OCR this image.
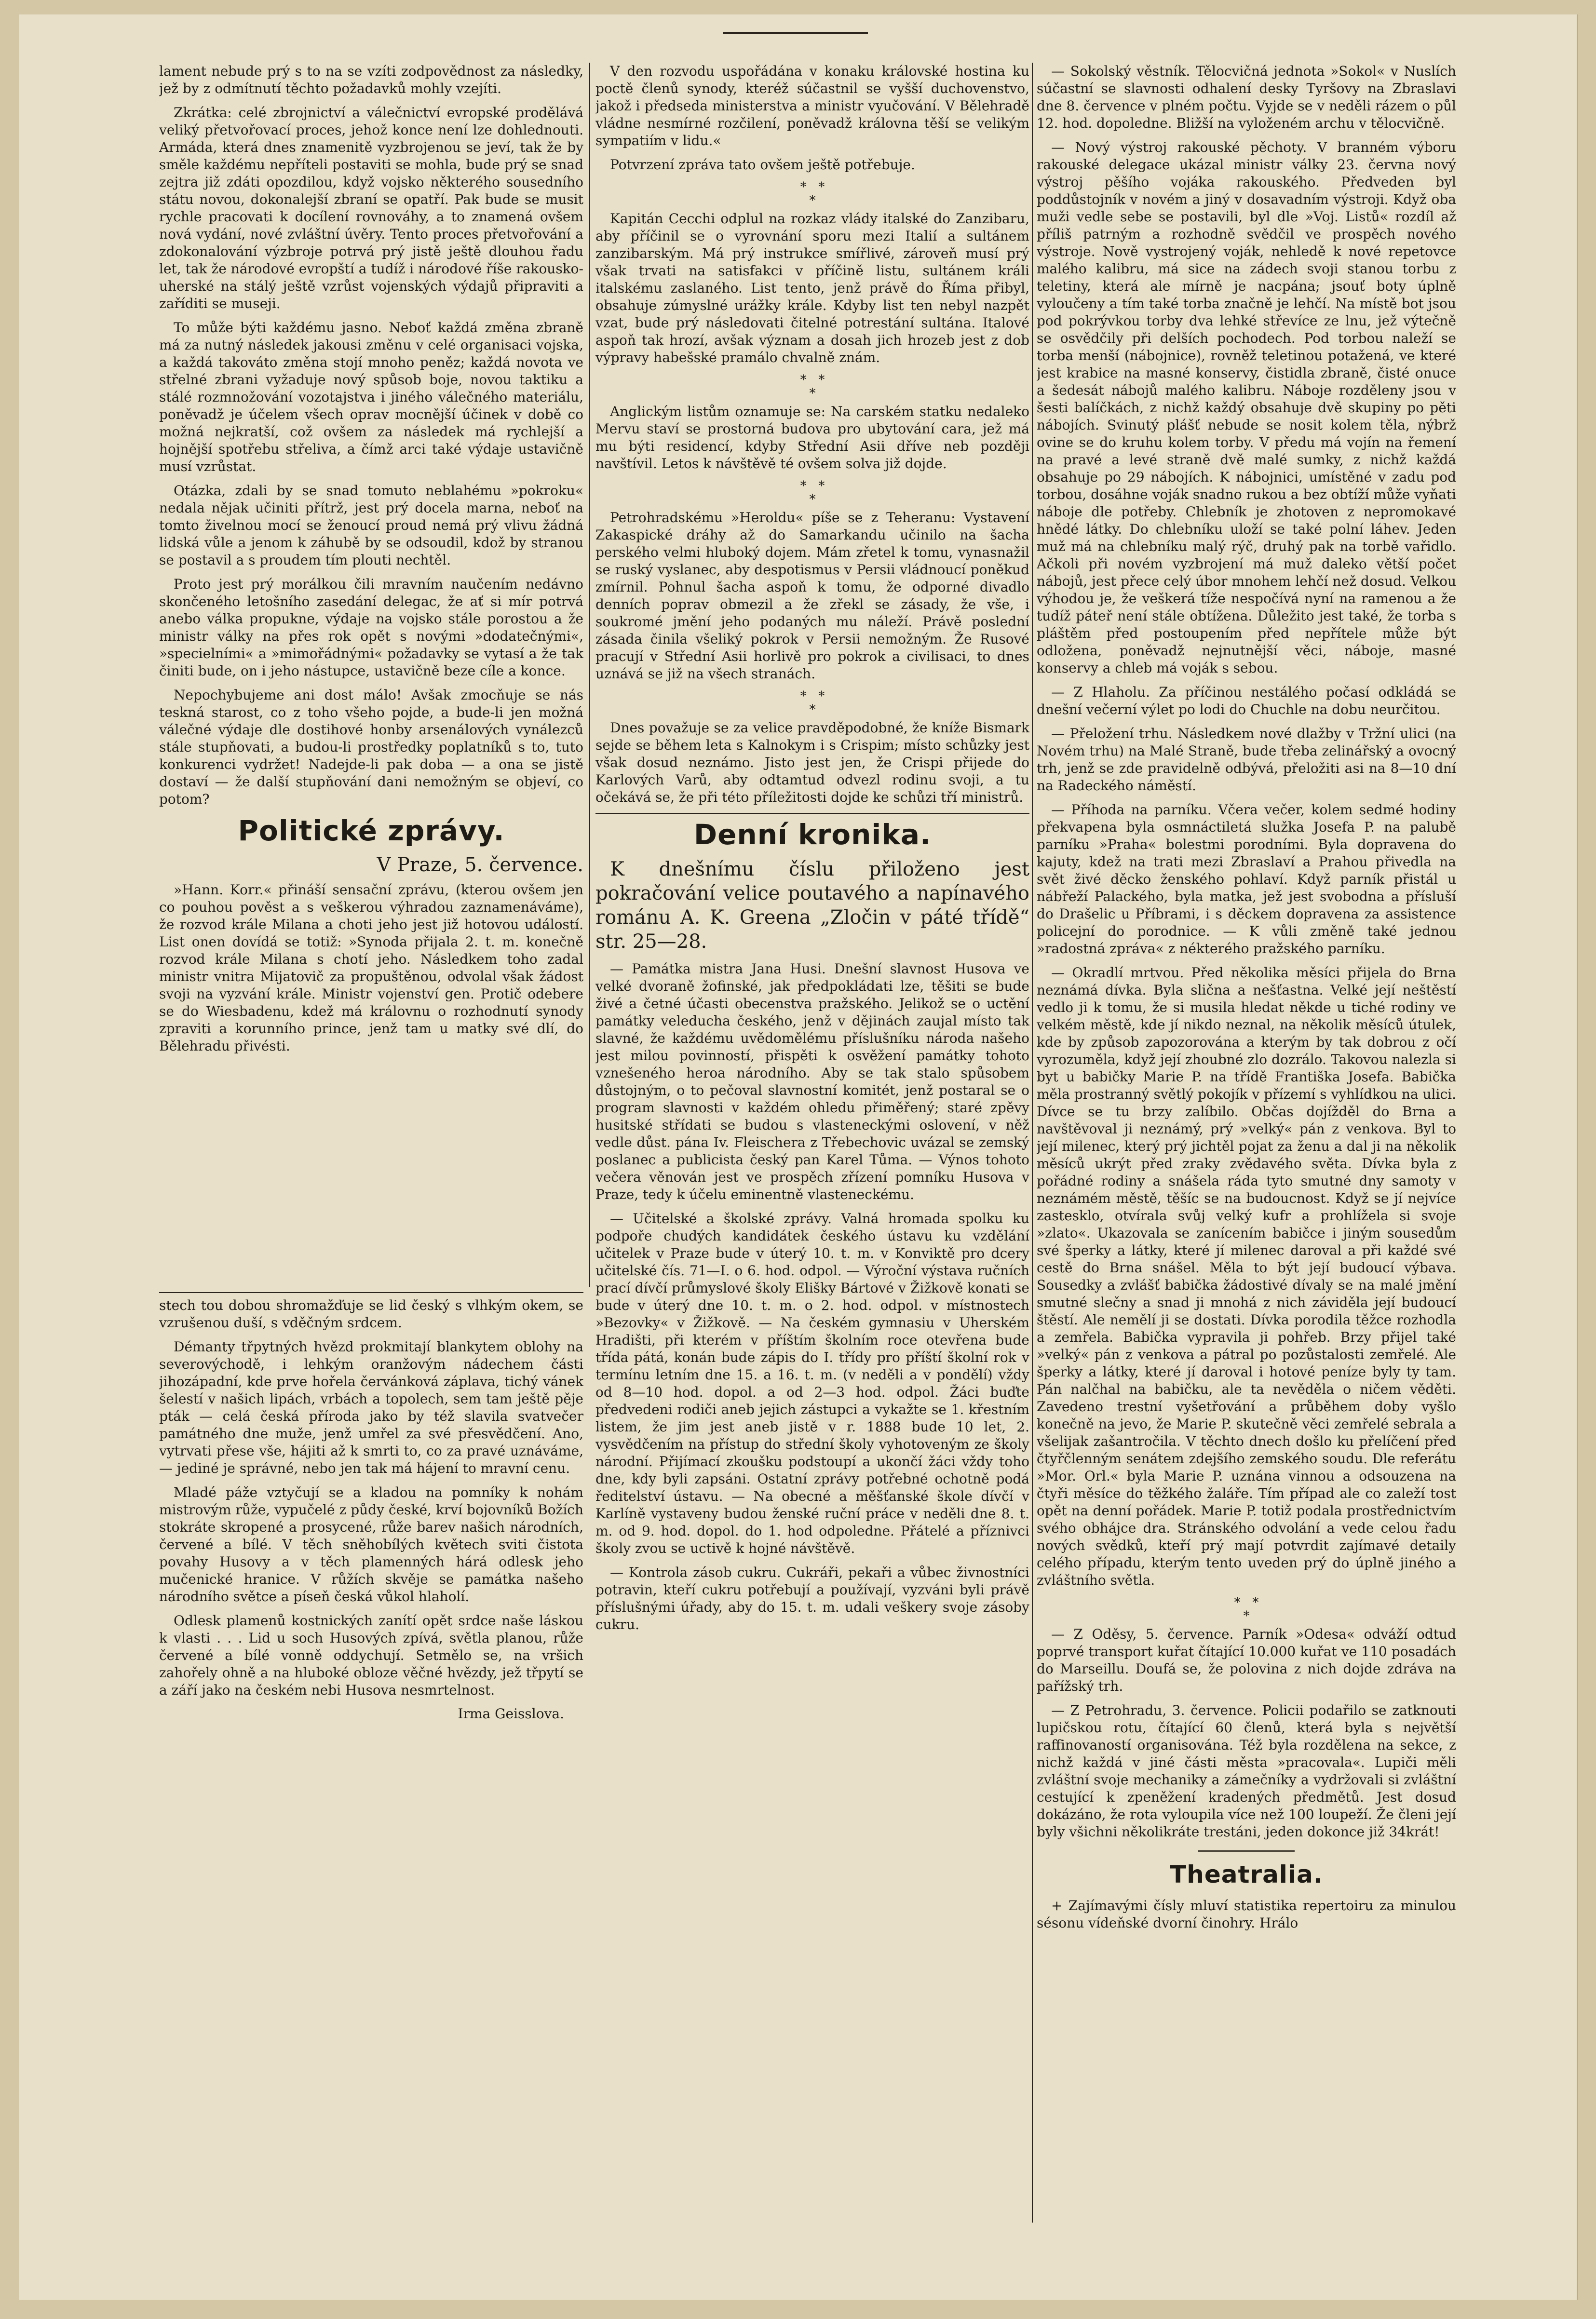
lament nebude prý s to na se vzíti zodpovědnost za následky, jež by z odmítnutí těchto požadavků mohly vzejíti.

Zkrátka: celé zbrojnictví a válečnictví evropské prodělává veliký přetvořovací proces, jehož konce není lze dohlednouti. Armáda, která dnes znamenitě vyzbrojenou se jeví, tak že by směle každému nepříteli postaviti se mohla, bude prý se snad zejtra již zdáti opozdilou, když vojsko některého sousedního státu novou, dokonalejší zbraní se opatří. Pak bude se musit rychle pracovati k docílení rovnováhy, a to znamená ovšem nová vydání, nové zvláštní úvěry. Tento proces přetvořování a zdokonalování výzbroje potrvá prý jistě ještě dlouhou řadu let, tak že národové evropští a tudíž i národové říše rakousko-uherské na stálý ještě vzrůst vojenských výdajů připraviti a zaříditi se museji.

To může býti každému jasno. Neboť každá změna zbraně má za nutný následek jakousi změnu v celé organisaci vojska, a každá takováto změna stojí mnoho peněz; každá novota ve střelné zbrani vyžaduje nový spůsob boje, novou taktiku a stálé rozmnožování vozotajstva i jiného válečného materiálu, poněvadž je účelem všech oprav mocnější účinek v době co možná nejkratší, což ovšem za následek má rychlejší a hojnější spotřebu střeliva, a čímž arci také výdaje ustavičně musí vzrůstat.

Otázka, zdali by se snad tomuto neblahému »pokroku« nedala nějak učiniti přítrž, jest prý docela marna, neboť na tomto živelnou mocí se ženoucí proud nemá prý vlivu žádná lidská vůle a jenom k záhubě by se odsoudil, kdož by stranou se postavil a s proudem tím plouti nechtěl.

Proto jest prý morálkou čili mravním naučením nedávno skončeného letošního zasedání delegac, že ať si mír potrvá anebo válka propukne, výdaje na vojsko stále porostou a že ministr války na přes rok opět s novými »dodatečnými«, »specielními« a »mimořádnými« požadavky se vytasí a že tak činiti bude, on i jeho nástupce, ustavičně beze cíle a konce.

Nepochybujeme ani dost málo! Avšak zmocňuje se nás teskná starost, co z toho všeho pojde, a bude-li jen možná válečné výdaje dle dostihové honby arsenálových vynálezců stále stupňovati, a budou-li prostředky poplatníků s to, tuto konkurenci vydržet! Nadejde-li pak doba — a ona se jistě dostaví — že další stupňování dani nemožným se objeví, co potom?

Politické zprávy.
V Praze, 5. července.

»Hann. Korr.« přináší sensační zprávu, (kterou ovšem jen co pouhou pověst a s veškerou výhradou zaznamenáváme), že rozvod krále Milana a choti jeho jest již hotovou událostí. List onen dovídá se totiž: »Synoda přijala 2. t. m. konečně rozvod krále Milana s chotí jeho. Následkem toho zadal ministr vnitra Mijatovič za propuštěnou, odvolal však žádost svoji na vyzvání krále. Ministr vojenství gen. Protič odebere se do Wiesbadenu, kdež má královnu o rozhodnutí synody zpraviti a korunního prince, jenž tam u matky své dlí, do Bělehradu přivésti.

stech tou dobou shromažďuje se lid český s vlhkým okem, se vzrušenou duší, s vděčným srdcem.

Démanty třpytných hvězd prokmitají blankytem oblohy na severovýchodě, i lehkým oranžovým nádechem části jihozápadní, kde prve hořela červánková záplava, tichý vánek šelestí v našich lipách, vrbách a topolech, sem tam ještě pěje pták — celá česká příroda jako by též slavila svatvečer památného dne muže, jenž umřel za své přesvědčení. Ano, vytrvati přese vše, hájiti až k smrti to, co za pravé uznáváme, — jediné je správné, nebo jen tak má hájení to mravní cenu.

Mladé páže vztyčují se a kladou na pomníky k nohám mistrovým růže, vypučelé z půdy české, krví bojovníků Božích stokráte skropené a prosycené, růže barev našich národních, červené a bílé. V těch sněhobílých květech sviti čistota povahy Husovy a v těch plamenných hárá odlesk jeho mučenické hranice. V růžích skvěje se památka našeho národního světce a píseň česká vůkol hlaholí.

Odlesk plamenů kostnických zanítí opět srdce naše láskou k vlasti . . . Lid u soch Husových zpívá, světla planou, růže červené a bílé vonně oddychují. Setmělo se, na vršich zahořely ohně a na hluboké obloze věčné hvězdy, jež třpytí se a září jako na českém nebi Husova nesmrtelnost.

Irma Geisslova.

V den rozvodu uspořádána v konaku královské hostina ku poctě členů synody, kteréž súčastnil se vyšší duchovenstvo, jakož i předseda ministerstva a ministr vyučování. V Bělehradě vládne nesmírné rozčilení, poněvadž královna těší se velikým sympatiím v lidu.«

Potvrzení zpráva tato ovšem ještě potřebuje.

*   *
*

Kapitán Cecchi odplul na rozkaz vlády italské do Zanzibaru, aby příčinil se o vyrovnání sporu mezi Italií a sultánem zanzibarským. Má prý instrukce smířlivé, zároveň musí prý však trvati na satisfakci v příčině listu, sultánem králi italskému zaslaného. List tento, jenž právě do Říma přibyl, obsahuje zúmyslné urážky krále. Kdyby list ten nebyl nazpět vzat, bude prý následovati čitelné potrestání sultána. Italové aspoň tak hrozí, avšak význam a dosah jich hrozeb jest z dob výpravy habešské pramálo chvalně znám.

*   *
*

Anglickým listům oznamuje se: Na carském statku nedaleko Mervu staví se prostorná budova pro ubytování cara, jež má mu býti residencí, kdyby Střední Asii dříve neb později navštívil. Letos k návštěvě té ovšem solva již dojde.

*   *
*

Petrohradskému »Heroldu« píše se z Teheranu: Vystavení Zakaspické dráhy až do Samarkandu učinilo na šacha perského velmi hluboký dojem. Mám zřetel k tomu, vynasnažil se ruský vyslanec, aby despotismus v Persii vládnoucí poněkud zmírnil. Pohnul šacha aspoň k tomu, že odporné divadlo denních poprav obmezil a že zřekl se zásady, že vše, i soukromé jmění jeho podaných mu náleží. Právě poslední zásada činila všeliký pokrok v Persii nemožným. Že Rusové pracují v Střední Asii horlivě pro pokrok a civilisaci, to dnes uznává se již na všech stranách.

*   *
*

Dnes považuje se za velice pravděpodobné, že kníže Bismark sejde se během leta s Kalnokym i s Crispim; místo schůzky jest však dosud neznámo. Jisto jest jen, že Crispi přijede do Karlových Varů, aby odtamtud odvezl rodinu svoji, a tu očekává se, že při této příležitosti dojde ke schůzi tří ministrů.

Denní kronika.
K dnešnímu číslu přiloženo jest pokračování velice poutavého a napínavého románu A. K. Greena „Zločin v páté třídě“ str. 25—28.

— Památka mistra Jana Husi. Dnešní slavnost Husova ve velké dvoraně žofinské, jak předpokládati lze, těšiti se bude živé a četné účasti obecenstva pražského. Jelikož se o uctění památky veleducha českého, jenž v dějinách zaujal místo tak slavné, že každému uvědomělému příslušníku národa našeho jest milou povinností, přispěti k osvěžení památky tohoto vznešeného heroa národního. Aby se tak stalo spůsobem důstojným, o to pečoval slavnostní komitét, jenž postaral se o program slavnosti v každém ohledu přiměřený; staré zpěvy husitské střídati se budou s vlasteneckými oslovení, v něž vedle důst. pána Iv. Fleischera z Třebechovic uvázal se zemský poslanec a publicista český pan Karel Tůma. — Výnos tohoto večera věnován jest ve prospěch zřízení pomníku Husova v Praze, tedy k účelu eminentně vlasteneckému.

— Učitelské a školské zprávy. Valná hromada spolku ku podpoře chudých kandidátek českého ústavu ku vzdělání učitelek v Praze bude v úterý 10. t. m. v Konviktě pro dcery učitelské čís. 71—I. o 6. hod. odpol. — Výroční výstava ručních prací dívčí průmyslové školy Elišky Bártové v Žižkově konati se bude v úterý dne 10. t. m. o 2. hod. odpol. v místnostech »Bezovky« v Žižkově. — Na českém gymnasiu v Uherském Hradišti, při kterém v příštím školním roce otevřena bude třída pátá, konán bude zápis do I. třídy pro příští školní rok v termínu letním dne 15. a 16. t. m. (v neděli a v pondělí) vždy od 8—10 hod. dopol. a od 2—3 hod. odpol. Žáci buďte předvedeni rodiči aneb jejich zástupci a vykažte se 1. křestním listem, že jim jest aneb jistě v r. 1888 bude 10 let, 2. vysvědčením na přístup do střední školy vyhotoveným ze školy národní. Přijímací zkoušku podstoupí a ukončí žáci vždy toho dne, kdy byli zapsáni. Ostatní zprávy potřebné ochotně podá ředitelství ústavu. — Na obecné a měšťanské škole dívčí v Karlíně vystaveny budou ženské ruční práce v neděli dne 8. t. m. od 9. hod. dopol. do 1. hod odpoledne. Přátelé a příznivci školy zvou se uctivě k hojné návštěvě.

— Kontrola zásob cukru. Cukráři, pekaři a vůbec živnostníci potravin, kteří cukru potřebují a používají, vyzváni byli právě příslušnými úřady, aby do 15. t. m. udali veškery svoje zásoby cukru.

— Sokolský věstník. Tělocvičná jednota »Sokol« v Nuslích súčastní se slavnosti odhalení desky Tyršovy na Zbraslavi dne 8. července v plném počtu. Vyjde se v neděli rázem o půl 12. hod. dopoledne. Bližší na vyloženém archu v tělocvičně.

— Nový výstroj rakouské pěchoty. V branném výboru rakouské delegace ukázal ministr války 23. června nový výstroj pěšího vojáka rakouského. Předveden byl poddůstojník v novém a jiný v dosavadním výstroji. Když oba muži vedle sebe se postavili, byl dle »Voj. Listů« rozdíl až příliš patrným a rozhodně svědčil ve prospěch nového výstroje. Nově vystrojený voják, nehledě k nové repetovce malého kalibru, má sice na zádech svoji stanou torbu z teletiny, která ale mírně je nacpána; jsouť boty úplně vyloučeny a tím také torba značně je lehčí. Na místě bot jsou pod pokrývkou torby dva lehké střevíce ze lnu, jež výtečně se osvědčily při delších pochodech. Pod torbou naleží se torba menší (nábojnice), rovněž teletinou potažená, ve které jest krabice na masné konservy, čistidla zbraně, čisté onuce a šedesát nábojů malého kalibru. Náboje rozděleny jsou v šesti balíčkách, z nichž každý obsahuje dvě skupiny po pěti nábojích. Svinutý plášť nebude se nosit kolem těla, nýbrž ovine se do kruhu kolem torby. V předu má vojín na řemení na pravé a levé straně dvě malé sumky, z nichž každá obsahuje po 29 nábojích. K nábojnici, umístěné v zadu pod torbou, dosáhne voják snadno rukou a bez obtíží může vyňati náboje dle potřeby. Chlebník je zhotoven z nepromokavé hnědé látky. Do chlebníku uloží se také polní láhev. Jeden muž má na chlebníku malý rýč, druhý pak na torbě vařidlo. Ačkoli při novém vyzbrojení má muž daleko větší počet nábojů, jest přece celý úbor mnohem lehčí než dosud. Velkou výhodou je, že veškerá tíže nespočívá nyní na ramenou a že tudíž páteř není stále obtížena. Důležito jest také, že torba s pláštěm před postoupením před nepřítele může být odložena, poněvadž nejnutnější věci, náboje, masné konservy a chleb má voják s sebou.

— Z Hlaholu. Za příčinou nestálého počasí odkládá se dnešní večerní výlet po lodi do Chuchle na dobu neurčitou.

— Přeložení trhu. Následkem nové dlažby v Tržní ulici (na Novém trhu) na Malé Straně, bude třeba zelinářský a ovocný trh, jenž se zde pravidelně odbývá, přeložiti asi na 8—10 dní na Radeckého náměstí.

— Příhoda na parníku. Včera večer, kolem sedmé hodiny překvapena byla osmnáctiletá služka Josefa P. na palubě parníku »Praha« bolestmi porodními. Byla dopravena do kajuty, kdež na trati mezi Zbraslaví a Prahou přivedla na svět živé děcko ženského pohlaví. Když parník přistál u nábřeží Palackého, byla matka, jež jest svobodna a přísluší do Drašelic u Příbrami, i s děckem dopravena za assistence policejní do porodnice. — K vůli změně také jednou »radostná zpráva« z nékterého pražského parníku.

— Okradlí mrtvou. Před několika měsíci přijela do Brna neznámá dívka. Byla slična a nešťastna. Velké její neštěstí vedlo ji k tomu, že si musila hledat někde u tiché rodiny ve velkém městě, kde jí nikdo neznal, na několik měsíců útulek, kde by způsob zapozorována a kterým by tak dobrou z očí vyrozuměla, když její zhoubné zlo dozrálo. Takovou nalezla si byt u babičky Marie P. na třídě Františka Josefa. Babička měla prostranný světlý pokojík v přízemí s vyhlídkou na ulici. Dívce se tu brzy zalíbilo. Občas dojížděl do Brna a navštěvoval ji neznámý, prý »velký« pán z venkova. Byl to její milenec, který prý jichtěl pojat za ženu a dal ji na několik měsíců ukrýt před zraky zvědavého světa. Dívka byla z pořádné rodiny a snášela ráda tyto smutné dny samoty v neznámém městě, těšíc se na budoucnost. Když se jí nejvíce zastesklo, otvírala svůj velký kufr a prohlížela si svoje »zlato«. Ukazovala se zanícením babičce i jiným sousedům své šperky a látky, které jí milenec daroval a při každé své cestě do Brna snášel. Měla to být její budoucí výbava. Sousedky a zvlášť babička žádostivé dívaly se na malé jmění smutné slečny a snad ji mnohá z nich záviděla její budoucí štěstí. Ale nemělí ji se dostati. Dívka porodila těžce rozhodla a zemřela. Babička vypravila ji pohřeb. Brzy přijel také »velký« pán z venkova a pátral po pozůstalosti zemřelé. Ale šperky a látky, které jí daroval i hotové peníze byly ty tam. Pán nalčhal na babičku, ale ta nevěděla o ničem věděti. Zavedeno trestní vyšetřování a průběhem doby vyšlo konečně na jevo, že Marie P. skutečně věci zemřelé sebrala a všelijak zašantročila. V těchto dnech došlo ku přelíčení před čtyřčlenným senátem zdejšího zemského soudu. Dle referátu »Mor. Orl.« byla Marie P. uznána vinnou a odsouzena na čtyři měsíce do těžkého žaláře. Tím případ ale co zaleží tost opět na denní pořádek. Marie P. totiž podala prostřednictvím svého obhájce dra. Stránského odvolání a vede celou řadu nových svědků, kteří prý mají potvrdit zajímavé detaily celého případu, kterým tento uveden prý do úplně jiného a zvláštního světla.

*   *
*

— Z Oděsy, 5. července. Parník »Odesa« odváží odtud poprvé transport kuřat čítající 10.000 kuřat ve 110 posadách do Marseillu. Doufá se, že polovina z nich dojde zdráva na pařížský trh.

— Z Petrohradu, 3. července. Policii podařilo se zatknouti lupičskou rotu, čítající 60 členů, která byla s největší raffinovaností organisována. Též byla rozdělena na sekce, z nichž každá v jiné části města »pracovala«. Lupiči měli zvláštní svoje mechaniky a zámečníky a vydržovali si zvláštní cestující k zpeněžení kradených předmětů. Jest dosud dokázáno, že rota vyloupila více než 100 loupeží. Že členi její byly všichni několikráte trestáni, jeden dokonce již 34krát!

Theatralia.

+ Zajímavými čísly mluví statistika repertoiru za minulou sésonu vídeňské dvorní činohry. Hrálo
